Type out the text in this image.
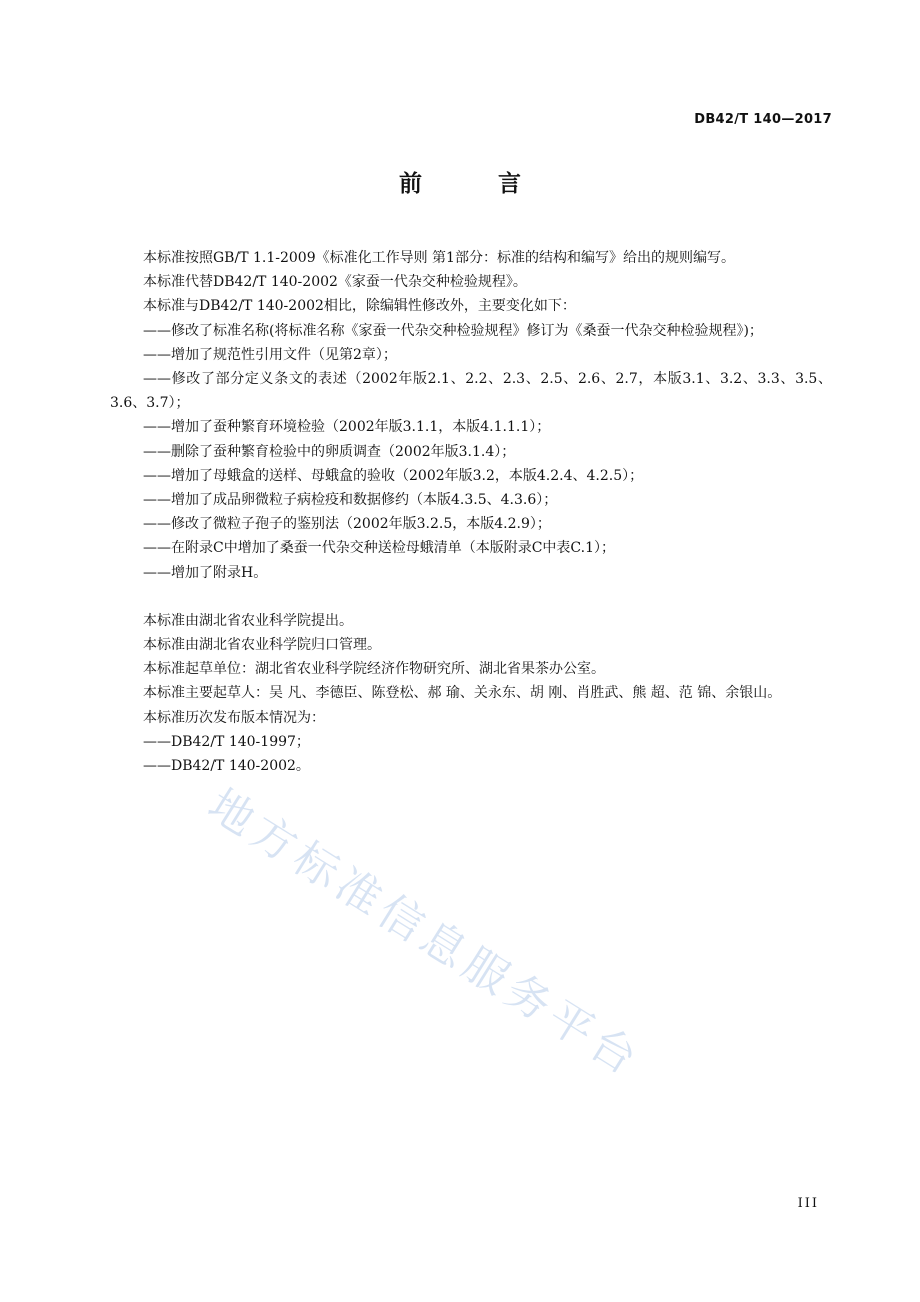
DB42/T 140—2017
前 言

本标准按照GB/T 1.1-2009《标准化工作导则 第1部分：标准的结构和编写》给出的规则编写。

本标准代替DB42/T 140-2002《家蚕一代杂交种检验规程》。

本标准与DB42/T 140-2002相比，除编辑性修改外，主要变化如下：

——修改了标准名称(将标准名称《家蚕一代杂交种检验规程》修订为《桑蚕一代杂交种检验规程》)；

——增加了规范性引用文件（见第2章）；

——修改了部分定义条文的表述（2002年版2.1、2.2、2.3、2.5、2.6、2.7，本版3.1、3.2、3.3、3.5、3.6、3.7）；

——增加了蚕种繁育环境检验（2002年版3.1.1，本版4.1.1.1）；

——删除了蚕种繁育检验中的卵质调查（2002年版3.1.4）；

——增加了母蛾盒的送样、母蛾盒的验收（2002年版3.2，本版4.2.4、4.2.5）；

——增加了成品卵微粒子病检疫和数据修约（本版4.3.5、4.3.6）；

——修改了微粒子孢子的鉴别法（2002年版3.2.5，本版4.2.9）；

——在附录C中增加了桑蚕一代杂交种送检母蛾清单（本版附录C中表C.1）；

——增加了附录H。

本标准由湖北省农业科学院提出。

本标准由湖北省农业科学院归口管理。

本标准起草单位：湖北省农业科学院经济作物研究所、湖北省果茶办公室。

本标准主要起草人：吴 凡、李德臣、陈登松、郝 瑜、关永东、胡 刚、肖胜武、熊 超、范 锦、余银山。

本标准历次发布版本情况为：

——DB42/T 140-1997；

——DB42/T 140-2002。

地方标准信息服务平台
III
